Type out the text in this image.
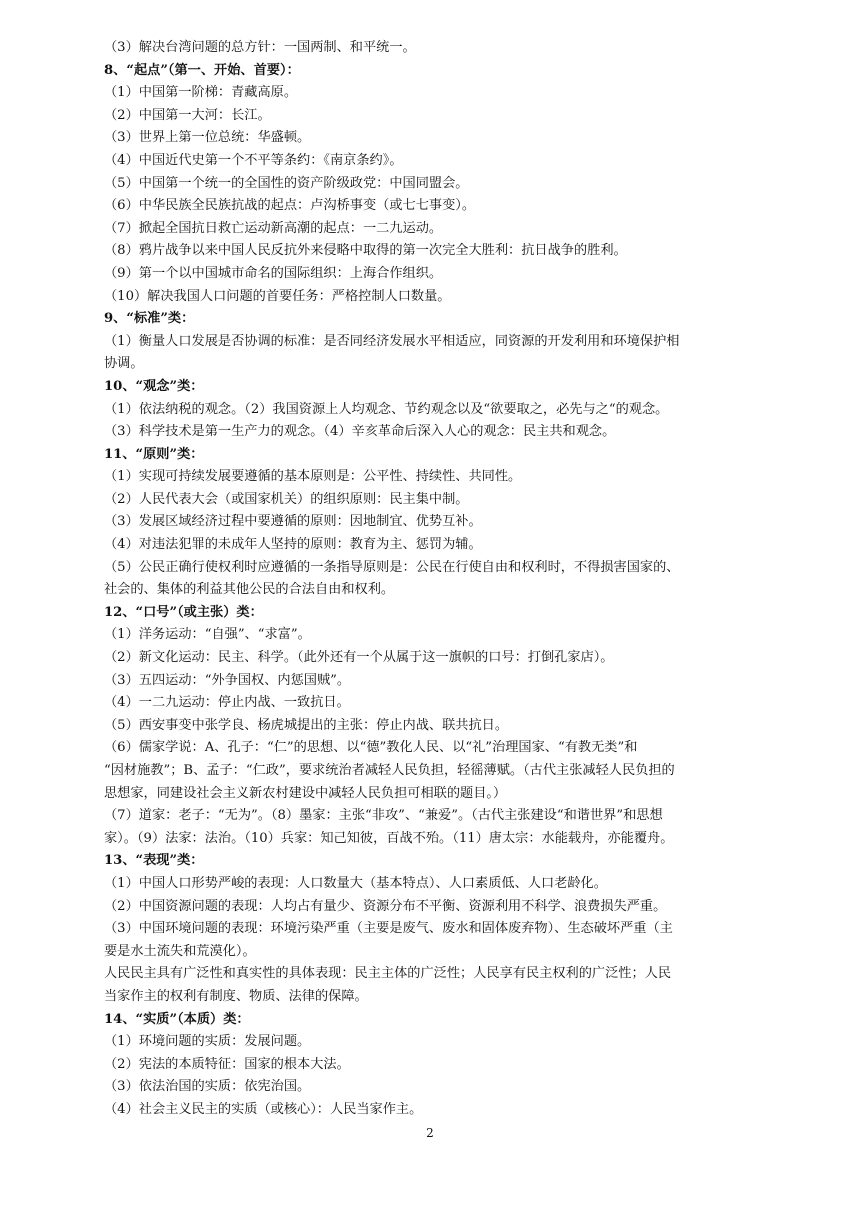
（3）解决台湾问题的总方针：一国两制、和平统一。
8、“起点”（第一、开始、首要）：
（1）中国第一阶梯：青藏高原。
（2）中国第一大河：长江。
（3）世界上第一位总统：华盛顿。
（4）中国近代史第一个不平等条约：《南京条约》。
（5）中国第一个统一的全国性的资产阶级政党：中国同盟会。
（6）中华民族全民族抗战的起点：卢沟桥事变（或七七事变）。
（7）掀起全国抗日救亡运动新高潮的起点：一二九运动。
（8）鸦片战争以来中国人民反抗外来侵略中取得的第一次完全大胜利：抗日战争的胜利。
（9）第一个以中国城市命名的国际组织：上海合作组织。
（10）解决我国人口问题的首要任务：严格控制人口数量。
9、“标准”类：
（1）衡量人口发展是否协调的标准：是否同经济发展水平相适应，同资源的开发利用和环境保护相
协调。
10、“观念”类：
（1）依法纳税的观念。（2）我国资源上人均观念、节约观念以及“欲要取之，必先与之“的观念。
（3）科学技术是第一生产力的观念。（4）辛亥革命后深入人心的观念：民主共和观念。
11、“原则”类：
（1）实现可持续发展要遵循的基本原则是：公平性、持续性、共同性。
（2）人民代表大会（或国家机关）的组织原则：民主集中制。
（3）发展区域经济过程中要遵循的原则：因地制宜、优势互补。
（4）对违法犯罪的未成年人坚持的原则：教育为主、惩罚为辅。
（5）公民正确行使权利时应遵循的一条指导原则是：公民在行使自由和权利时，不得损害国家的、
社会的、集体的利益其他公民的合法自由和权利。
12、“口号”（或主张）类：
（1）洋务运动：“自强”、“求富”。
（2）新文化运动：民主、科学。（此外还有一个从属于这一旗帜的口号：打倒孔家店）。
（3）五四运动：“外争国权、内惩国贼”。
（4）一二九运动：停止内战、一致抗日。
（5）西安事变中张学良、杨虎城提出的主张：停止内战、联共抗日。
（6）儒家学说：A、孔子：“仁”的思想、以“德”教化人民、以“礼”治理国家、“有教无类”和
“因材施教”；B、孟子：“仁政”，要求统治者减轻人民负担，轻徭薄赋。（古代主张减轻人民负担的
思想家，同建设社会主义新农村建设中减轻人民负担可相联的题目。）
（7）道家：老子：“无为”。（8）墨家：主张“非攻”、“兼爱”。（古代主张建设“和谐世界”和思想
家）。（9）法家：法治。（10）兵家：知己知彼，百战不殆。（11）唐太宗：水能载舟，亦能覆舟。
13、“表现”类：
（1）中国人口形势严峻的表现：人口数量大（基本特点）、人口素质低、人口老龄化。
（2）中国资源问题的表现：人均占有量少、资源分布不平衡、资源利用不科学、浪费损失严重。
（3）中国环境问题的表现：环境污染严重（主要是废气、废水和固体废弃物）、生态破坏严重（主
要是水土流失和荒漠化）。
人民民主具有广泛性和真实性的具体表现：民主主体的广泛性；人民享有民主权利的广泛性；人民
当家作主的权利有制度、物质、法律的保障。
14、“实质”（本质）类：
（1）环境问题的实质：发展问题。
（2）宪法的本质特征：国家的根本大法。
（3）依法治国的实质：依宪治国。
（4）社会主义民主的实质（或核心）：人民当家作主。
2
